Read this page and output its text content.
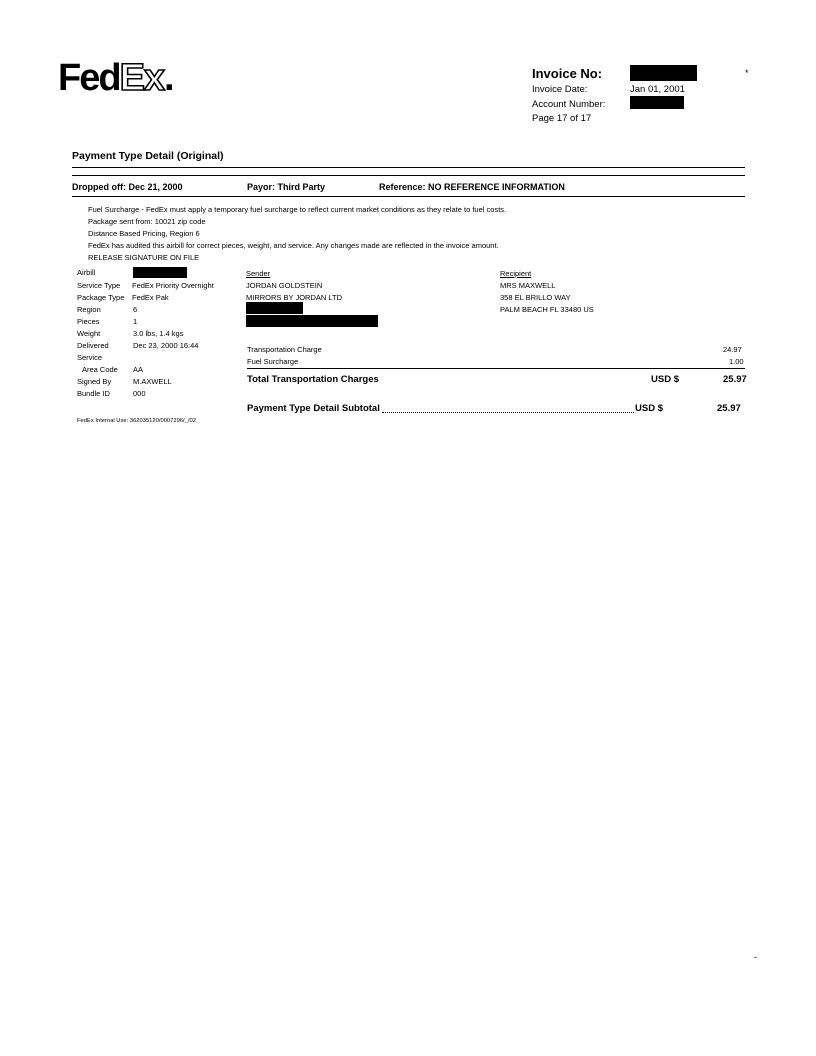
FedEx.	Invoice No:
Invoice Date:	Jan 01, 2001
Account Number:
Page 17 of 17
*
Payment Type Detail (Original)
Dropped off: Dec 21, 2000	Payor: Third Party	Reference: NO REFERENCE INFORMATION
Fuel Surcharge - FedEx must apply a temporary fuel surcharge to reflect current market conditions as they relate to fuel costs.
Package sent from: 10021 zip code
Distance Based Pricing, Region 6
FedEx has audited this airbill for correct pieces, weight, and service. Any changes made are reflected in the invoice amount.
RELEASE SIGNATURE ON FILE
Airbill
Service Type FedEx Priority Overnight
Package Type FedEx Pak
Region	6
Pieces	1
Weight	3.0 lbs, 1.4 kgs
Delivered	Dec 23, 2000 16:44
Service
Area Code AA
Signed By	M.AXWELL
Bundle ID	000
Sender
JORDAN GOLDSTEIN
MIRRORS BY JORDAN LTD
Recipient
MRS MAXWELL
358 EL BRILLO WAY
PALM BEACH FL 33480 US
Transportation Charge	24.97
Fuel Surcharge	1.00
Total Transportation Charges	USD $	25.97
Payment Type Detail Subtotal	USD $	25.97
FedEx Internal Use: 362035120/0007296/_/02
-
